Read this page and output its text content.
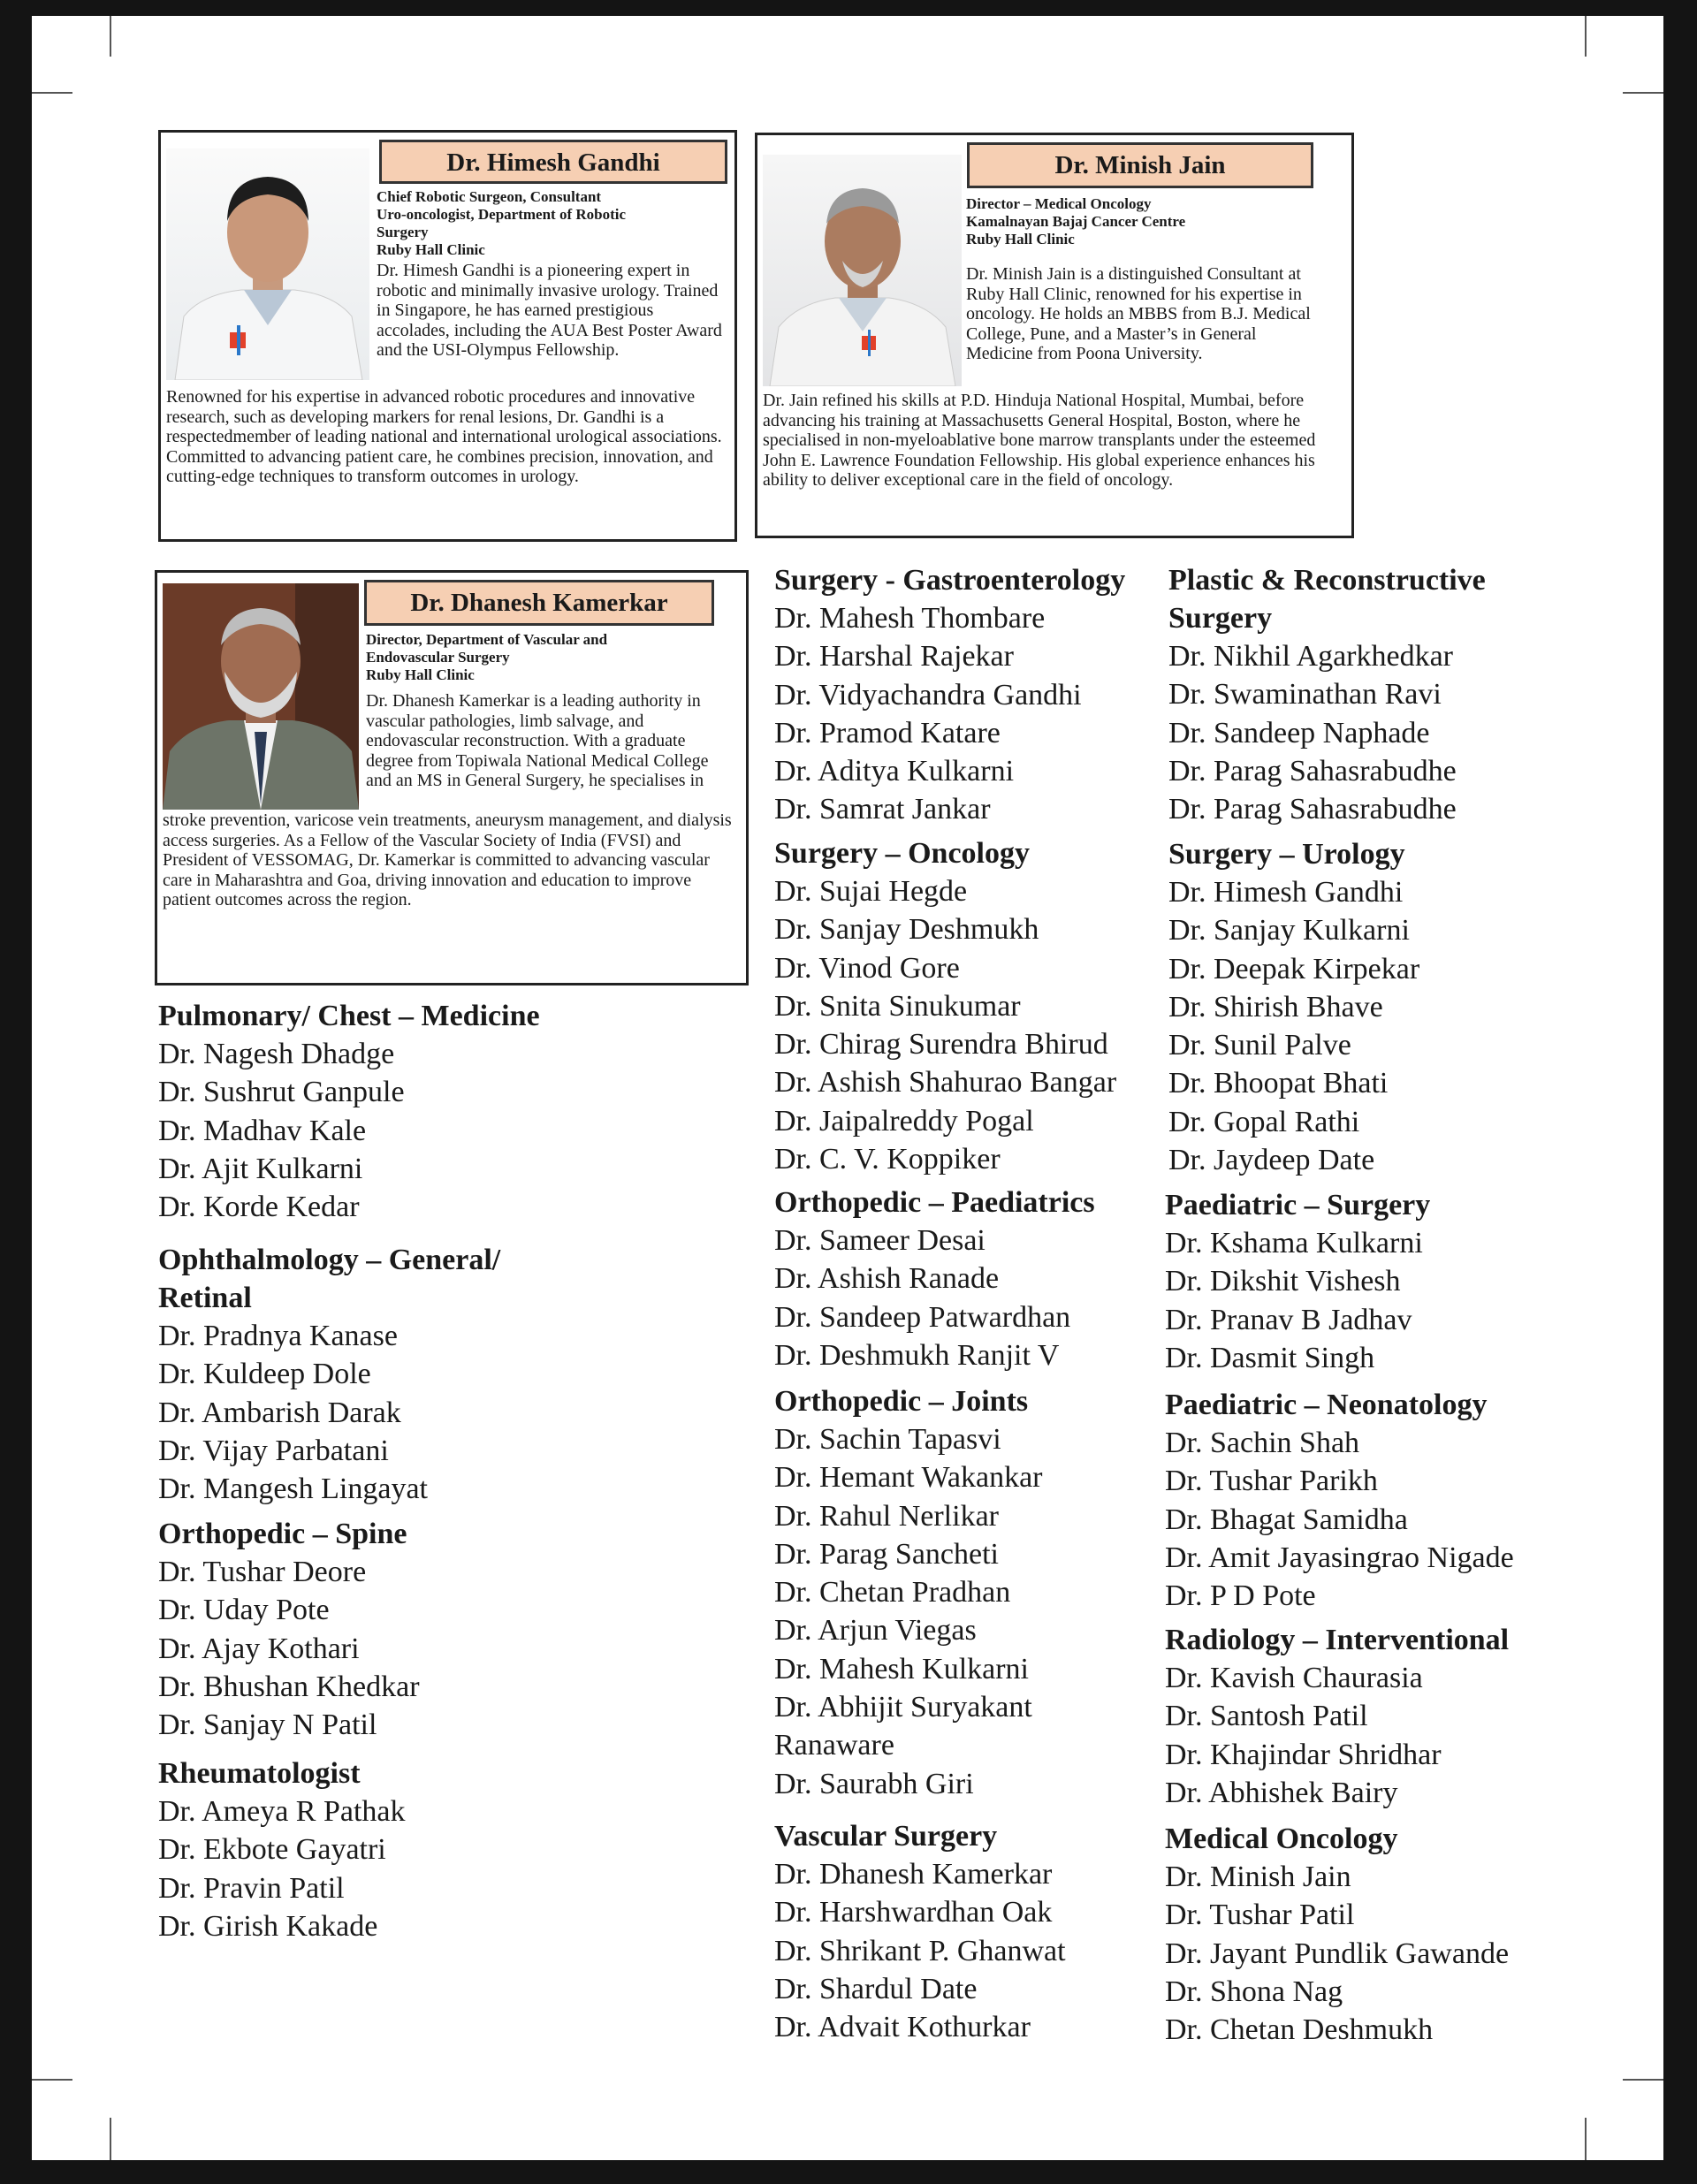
Dr. Himesh Gandhi
Chief Robotic Surgeon, Consultant
Uro-oncologist, Department of Robotic
Surgery
Ruby Hall Clinic
Dr. Himesh Gandhi is a pioneering expert in robotic and minimally invasive urology. Trained in Singapore, he has earned prestigious accolades, including the AUA Best Poster Award and the USI-Olympus Fellowship.
Renowned for his expertise in advanced robotic procedures and innovative research, such as developing markers for renal lesions, Dr. Gandhi is a respectedmember of leading national and international urological associations. Committed to advancing patient care, he combines precision, innovation, and cutting-edge techniques to transform outcomes in urology.
Dr. Minish Jain
Director – Medical Oncology
Kamalnayan Bajaj Cancer Centre
Ruby Hall Clinic
Dr. Minish Jain is a distinguished Consultant at Ruby Hall Clinic, renowned for his expertise in oncology. He holds an MBBS from B.J. Medical College, Pune, and a Master’s in General Medicine from Poona University.
Dr. Jain refined his skills at P.D. Hinduja National Hospital, Mumbai, before advancing his training at Massachusetts General Hospital, Boston, where he specialised in non-myeloablative bone marrow transplants under the esteemed John E. Lawrence Foundation Fellowship. His global experience enhances his ability to deliver exceptional care in the field of oncology.
Dr. Dhanesh Kamerkar
Director, Department of Vascular and
Endovascular Surgery
Ruby Hall Clinic
Dr. Dhanesh Kamerkar is a leading authority in vascular pathologies, limb salvage, and endovascular reconstruction. With a graduate degree from Topiwala National Medical College and an MS in General Surgery, he specialises in
stroke prevention, varicose vein treatments, aneurysm management, and dialysis access surgeries. As a Fellow of the Vascular Society of India (FVSI) and President of VESSOMAG, Dr. Kamerkar is committed to advancing vascular care in Maharashtra and Goa, driving innovation and education to improve patient outcomes across the region.
Pulmonary/ Chest – Medicine
Dr. Nagesh Dhadge
Dr. Sushrut Ganpule
Dr. Madhav Kale
Dr. Ajit Kulkarni
Dr. Korde Kedar
Ophthalmology – General/
Retinal
Dr. Pradnya Kanase
Dr. Kuldeep Dole
Dr. Ambarish Darak
Dr. Vijay Parbatani
Dr. Mangesh Lingayat
Orthopedic – Spine
Dr. Tushar Deore
Dr. Uday Pote
Dr. Ajay Kothari
Dr. Bhushan Khedkar
Dr. Sanjay N Patil
Rheumatologist
Dr. Ameya R Pathak
Dr. Ekbote Gayatri
Dr. Pravin Patil
Dr. Girish Kakade
Surgery - Gastroenterology
Dr. Mahesh Thombare
Dr. Harshal Rajekar
Dr. Vidyachandra Gandhi
Dr. Pramod Katare
Dr. Aditya Kulkarni
Dr. Samrat Jankar
Surgery – Oncology
Dr. Sujai Hegde
Dr. Sanjay Deshmukh
Dr. Vinod Gore
Dr. Snita Sinukumar
Dr. Chirag Surendra Bhirud
Dr. Ashish Shahurao Bangar
Dr. Jaipalreddy Pogal
Dr. C. V. Koppiker
Orthopedic – Paediatrics
Dr. Sameer Desai
Dr. Ashish Ranade
Dr. Sandeep Patwardhan
Dr. Deshmukh Ranjit V
Orthopedic – Joints
Dr. Sachin Tapasvi
Dr. Hemant Wakankar
Dr. Rahul Nerlikar
Dr. Parag Sancheti
Dr. Chetan Pradhan
Dr. Arjun Viegas
Dr. Mahesh Kulkarni
Dr. Abhijit Suryakant
Ranaware
Dr. Saurabh Giri
Vascular Surgery
Dr. Dhanesh Kamerkar
Dr. Harshwardhan Oak
Dr. Shrikant P. Ghanwat
Dr. Shardul Date
Dr. Advait Kothurkar
Plastic & Reconstructive
Surgery
Dr. Nikhil Agarkhedkar
Dr. Swaminathan Ravi
Dr. Sandeep Naphade
Dr. Parag Sahasrabudhe
Dr. Parag Sahasrabudhe
Surgery – Urology
Dr. Himesh Gandhi
Dr. Sanjay Kulkarni
Dr. Deepak Kirpekar
Dr. Shirish Bhave
Dr. Sunil Palve
Dr. Bhoopat Bhati
Dr. Gopal Rathi
Dr. Jaydeep Date
Paediatric – Surgery
Dr. Kshama Kulkarni
Dr. Dikshit Vishesh
Dr. Pranav B Jadhav
Dr. Dasmit Singh
Paediatric – Neonatology
Dr. Sachin Shah
Dr. Tushar Parikh
Dr. Bhagat Samidha
Dr. Amit Jayasingrao Nigade
Dr. P D Pote
Radiology – Interventional
Dr. Kavish Chaurasia
Dr. Santosh Patil
Dr. Khajindar Shridhar
Dr. Abhishek Bairy
Medical Oncology
Dr. Minish Jain
Dr. Tushar Patil
Dr. Jayant Pundlik Gawande
Dr. Shona Nag
Dr. Chetan Deshmukh
